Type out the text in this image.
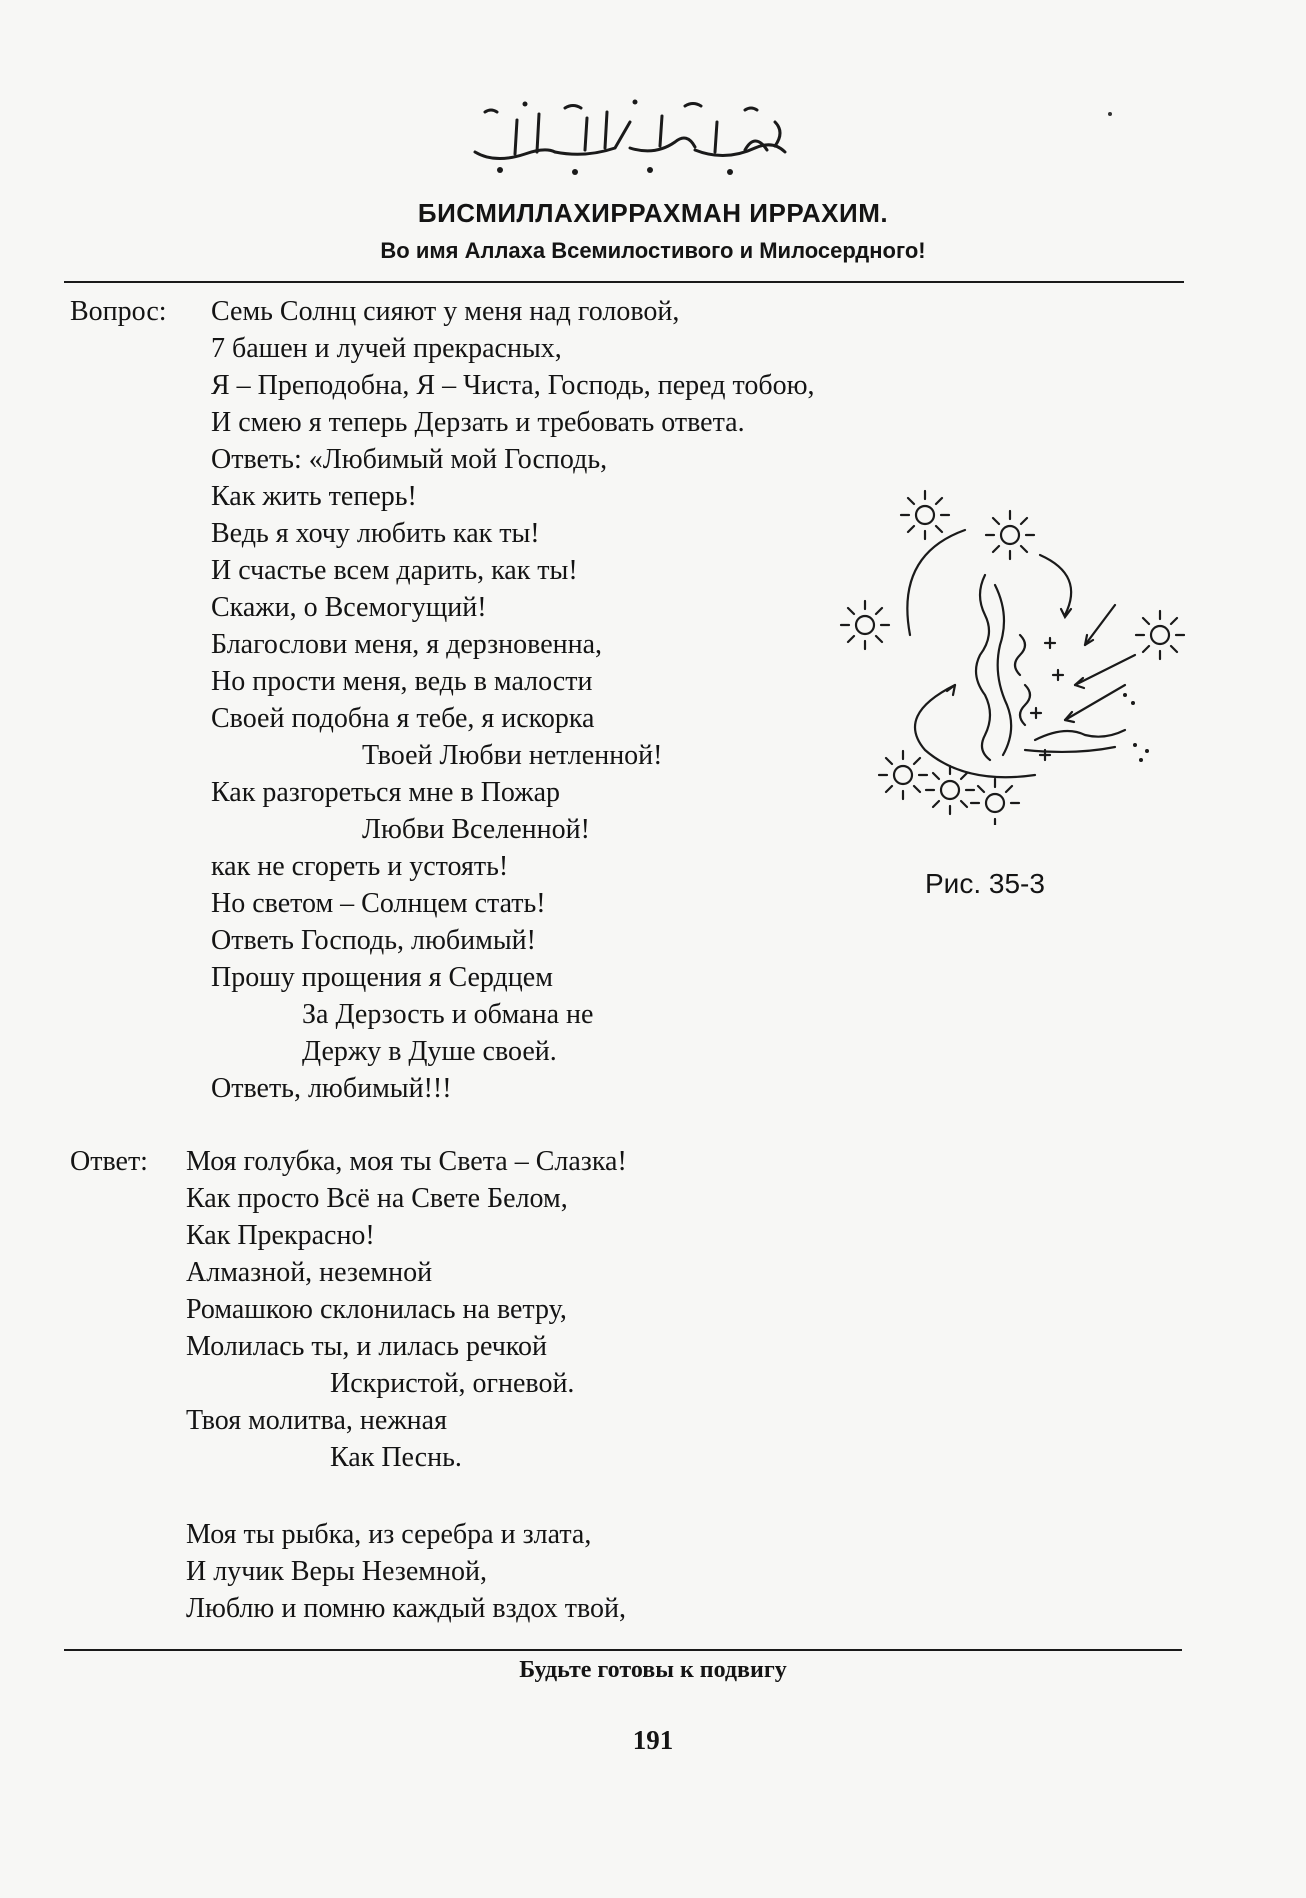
БИСМИЛЛАХИРРАХМАН ИРРАХИМ.
Во имя Аллаха Всемилостивого и Милосердного!
Вопрос: Семь Солнц сияют у меня над головой,
7 башен и лучей прекрасных,
Я – Преподобна, Я – Чиста, Господь, перед тобою,
И смею я теперь Дерзать и требовать ответа.
Ответь: «Любимый мой Господь,
Как жить теперь!
Ведь я хочу любить как ты!
И счастье всем дарить, как ты!
Скажи, о Всемогущий!
Благослови меня, я дерзновенна,
Но прости меня, ведь в малости
Своей подобна я тебе, я искорка
Твоей Любви нетленной!
Как разгореться мне в Пожар
Любви Вселенной!
как не сгореть и устоять!
Но светом – Солнцем стать!
Ответь Господь, любимый!
Прошу прощения я Сердцем
За Дерзость и обмана не
Держу в Душе своей.
Ответь, любимый!!!
Рис. 35-3
Ответ: Моя голубка, моя ты Света – Слазка!
Как просто Всё на Свете Белом,
Как Прекрасно!
Алмазной, неземной
Ромашкою склонилась на ветру,
Молилась ты, и лилась речкой
Искристой, огневой.
Твоя молитва, нежная
Как Песнь.
Моя ты рыбка, из серебра и злата,
И лучик Веры Неземной,
Люблю и помню каждый вздох твой,
Будьте готовы к подвигу
191
